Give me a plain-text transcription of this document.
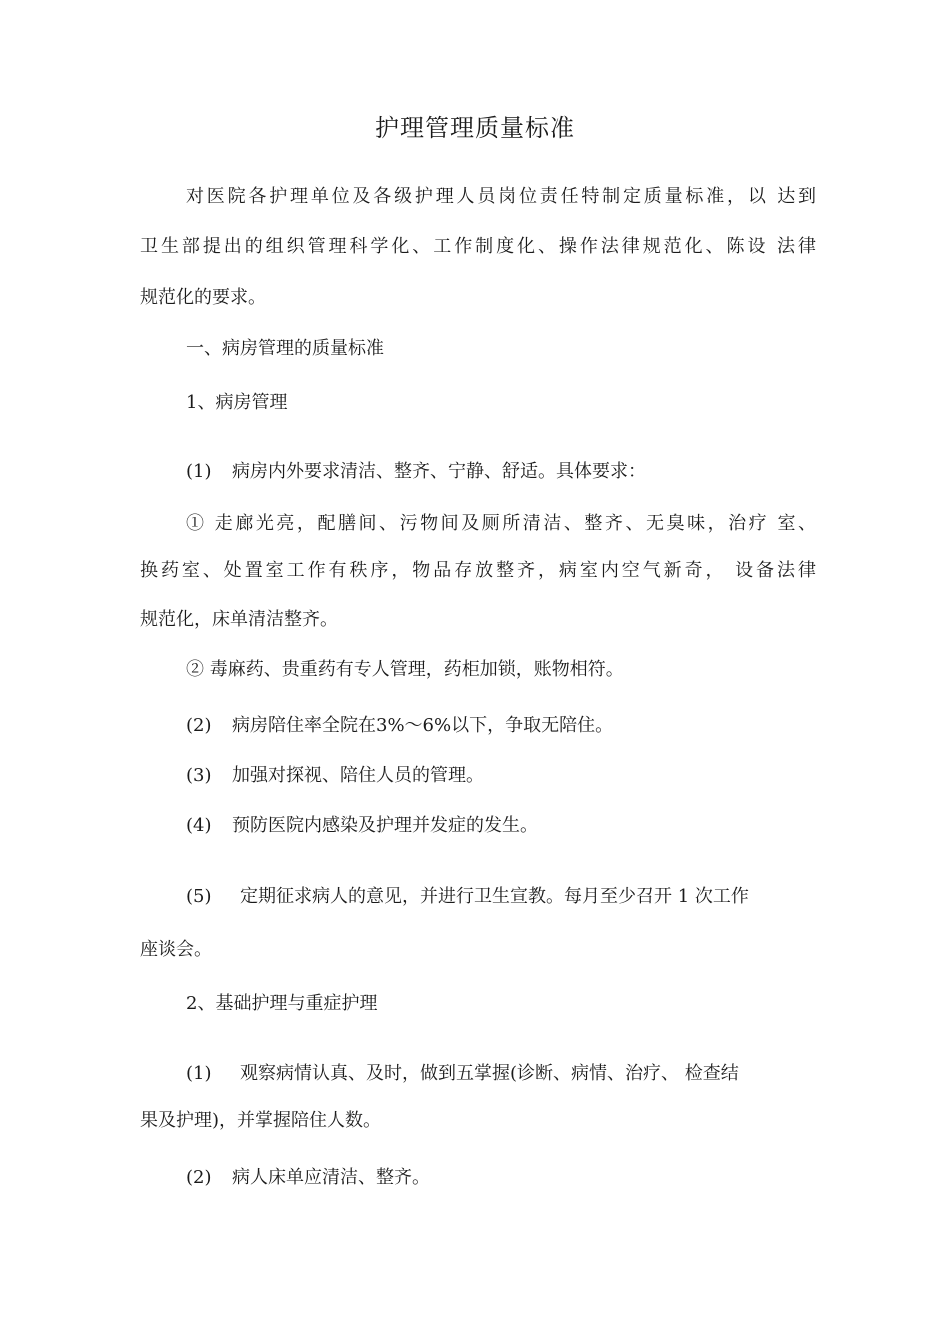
护理管理质量标准
对医院各护理单位及各级护理人员岗位责任特制定质量标准，以 达到
卫生部提出的组织管理科学化、工作制度化、操作法律规范化、陈设 法律
规范化的要求。
一、病房管理的质量标准
1、病房管理
(1) 病房内外要求清洁、整齐、宁静、舒适。具体要求：
① 走廊光亮，配膳间、污物间及厕所清洁、整齐、无臭味，治疗 室、
换药室、处置室工作有秩序，物品存放整齐，病室内空气新奇， 设备法律
规范化，床单清洁整齐。
② 毒麻药、贵重药有专人管理，药柜加锁，账物相符。
(2) 病房陪住率全院在3%〜6%以下，争取无陪住。
(3) 加强对探视、陪住人员的管理。
(4) 预防医院内感染及护理并发症的发生。
(5) 定期征求病人的意见，并进行卫生宣教。每月至少召开 1 次工作
座谈会。
2、基础护理与重症护理
(1) 观察病情认真、及时，做到五掌握(诊断、病情、治疗、 检查结
果及护理)，并掌握陪住人数。
(2) 病人床单应清洁、整齐。
